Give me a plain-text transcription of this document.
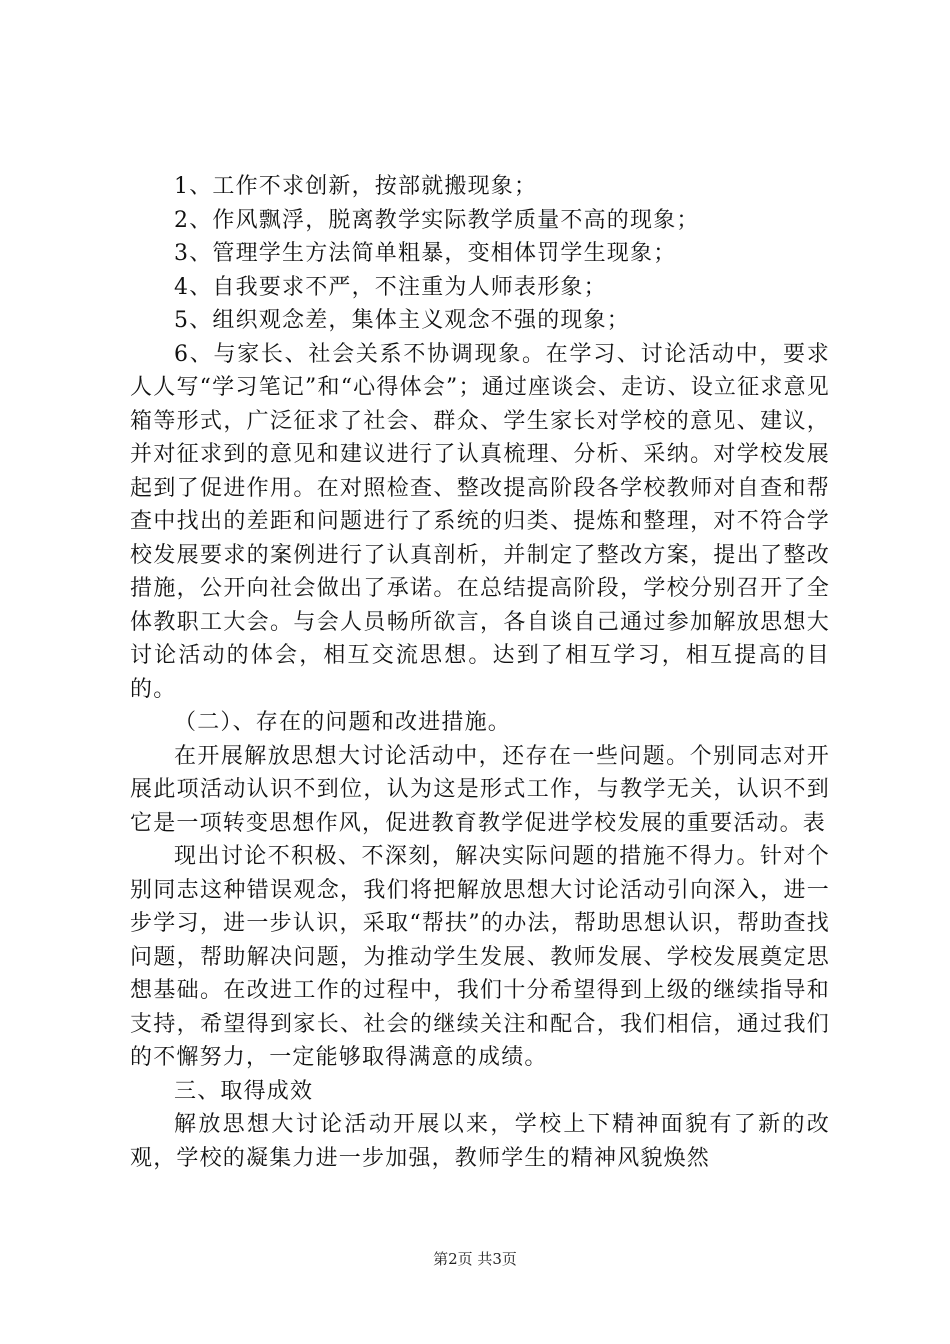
1、工作不求创新，按部就搬现象；

2、作风飘浮，脱离教学实际教学质量不高的现象；

3、管理学生方法简单粗暴，变相体罚学生现象；

4、自我要求不严，不注重为人师表形象；

5、组织观念差，集体主义观念不强的现象；

6、与家长、社会关系不协调现象。在学习、讨论活动中，要求人人写“学习笔记”和“心得体会”；通过座谈会、走访、设立征求意见箱等形式，广泛征求了社会、群众、学生家长对学校的意见、建议，并对征求到的意见和建议进行了认真梳理、分析、采纳。对学校发展起到了促进作用。在对照检查、整改提高阶段各学校教师对自查和帮查中找出的差距和问题进行了系统的归类、提炼和整理，对不符合学校发展要求的案例进行了认真剖析，并制定了整改方案，提出了整改措施，公开向社会做出了承诺。在总结提高阶段，学校分别召开了全体教职工大会。与会人员畅所欲言，各自谈自己通过参加解放思想大讨论活动的体会，相互交流思想。达到了相互学习，相互提高的目的。

（二）、存在的问题和改进措施。

在开展解放思想大讨论活动中，还存在一些问题。个别同志对开展此项活动认识不到位，认为这是形式工作，与教学无关，认识不到它是一项转变思想作风，促进教育教学促进学校发展的重要活动。表

现出讨论不积极、不深刻，解决实际问题的措施不得力。针对个别同志这种错误观念，我们将把解放思想大讨论活动引向深入，进一步学习，进一步认识，采取“帮扶”的办法，帮助思想认识，帮助查找问题，帮助解决问题，为推动学生发展、教师发展、学校发展奠定思想基础。在改进工作的过程中，我们十分希望得到上级的继续指导和支持，希望得到家长、社会的继续关注和配合，我们相信，通过我们的不懈努力，一定能够取得满意的成绩。

三、取得成效

解放思想大讨论活动开展以来，学校上下精神面貌有了新的改观，学校的凝集力进一步加强，教师学生的精神风貌焕然

第2页 共3页
